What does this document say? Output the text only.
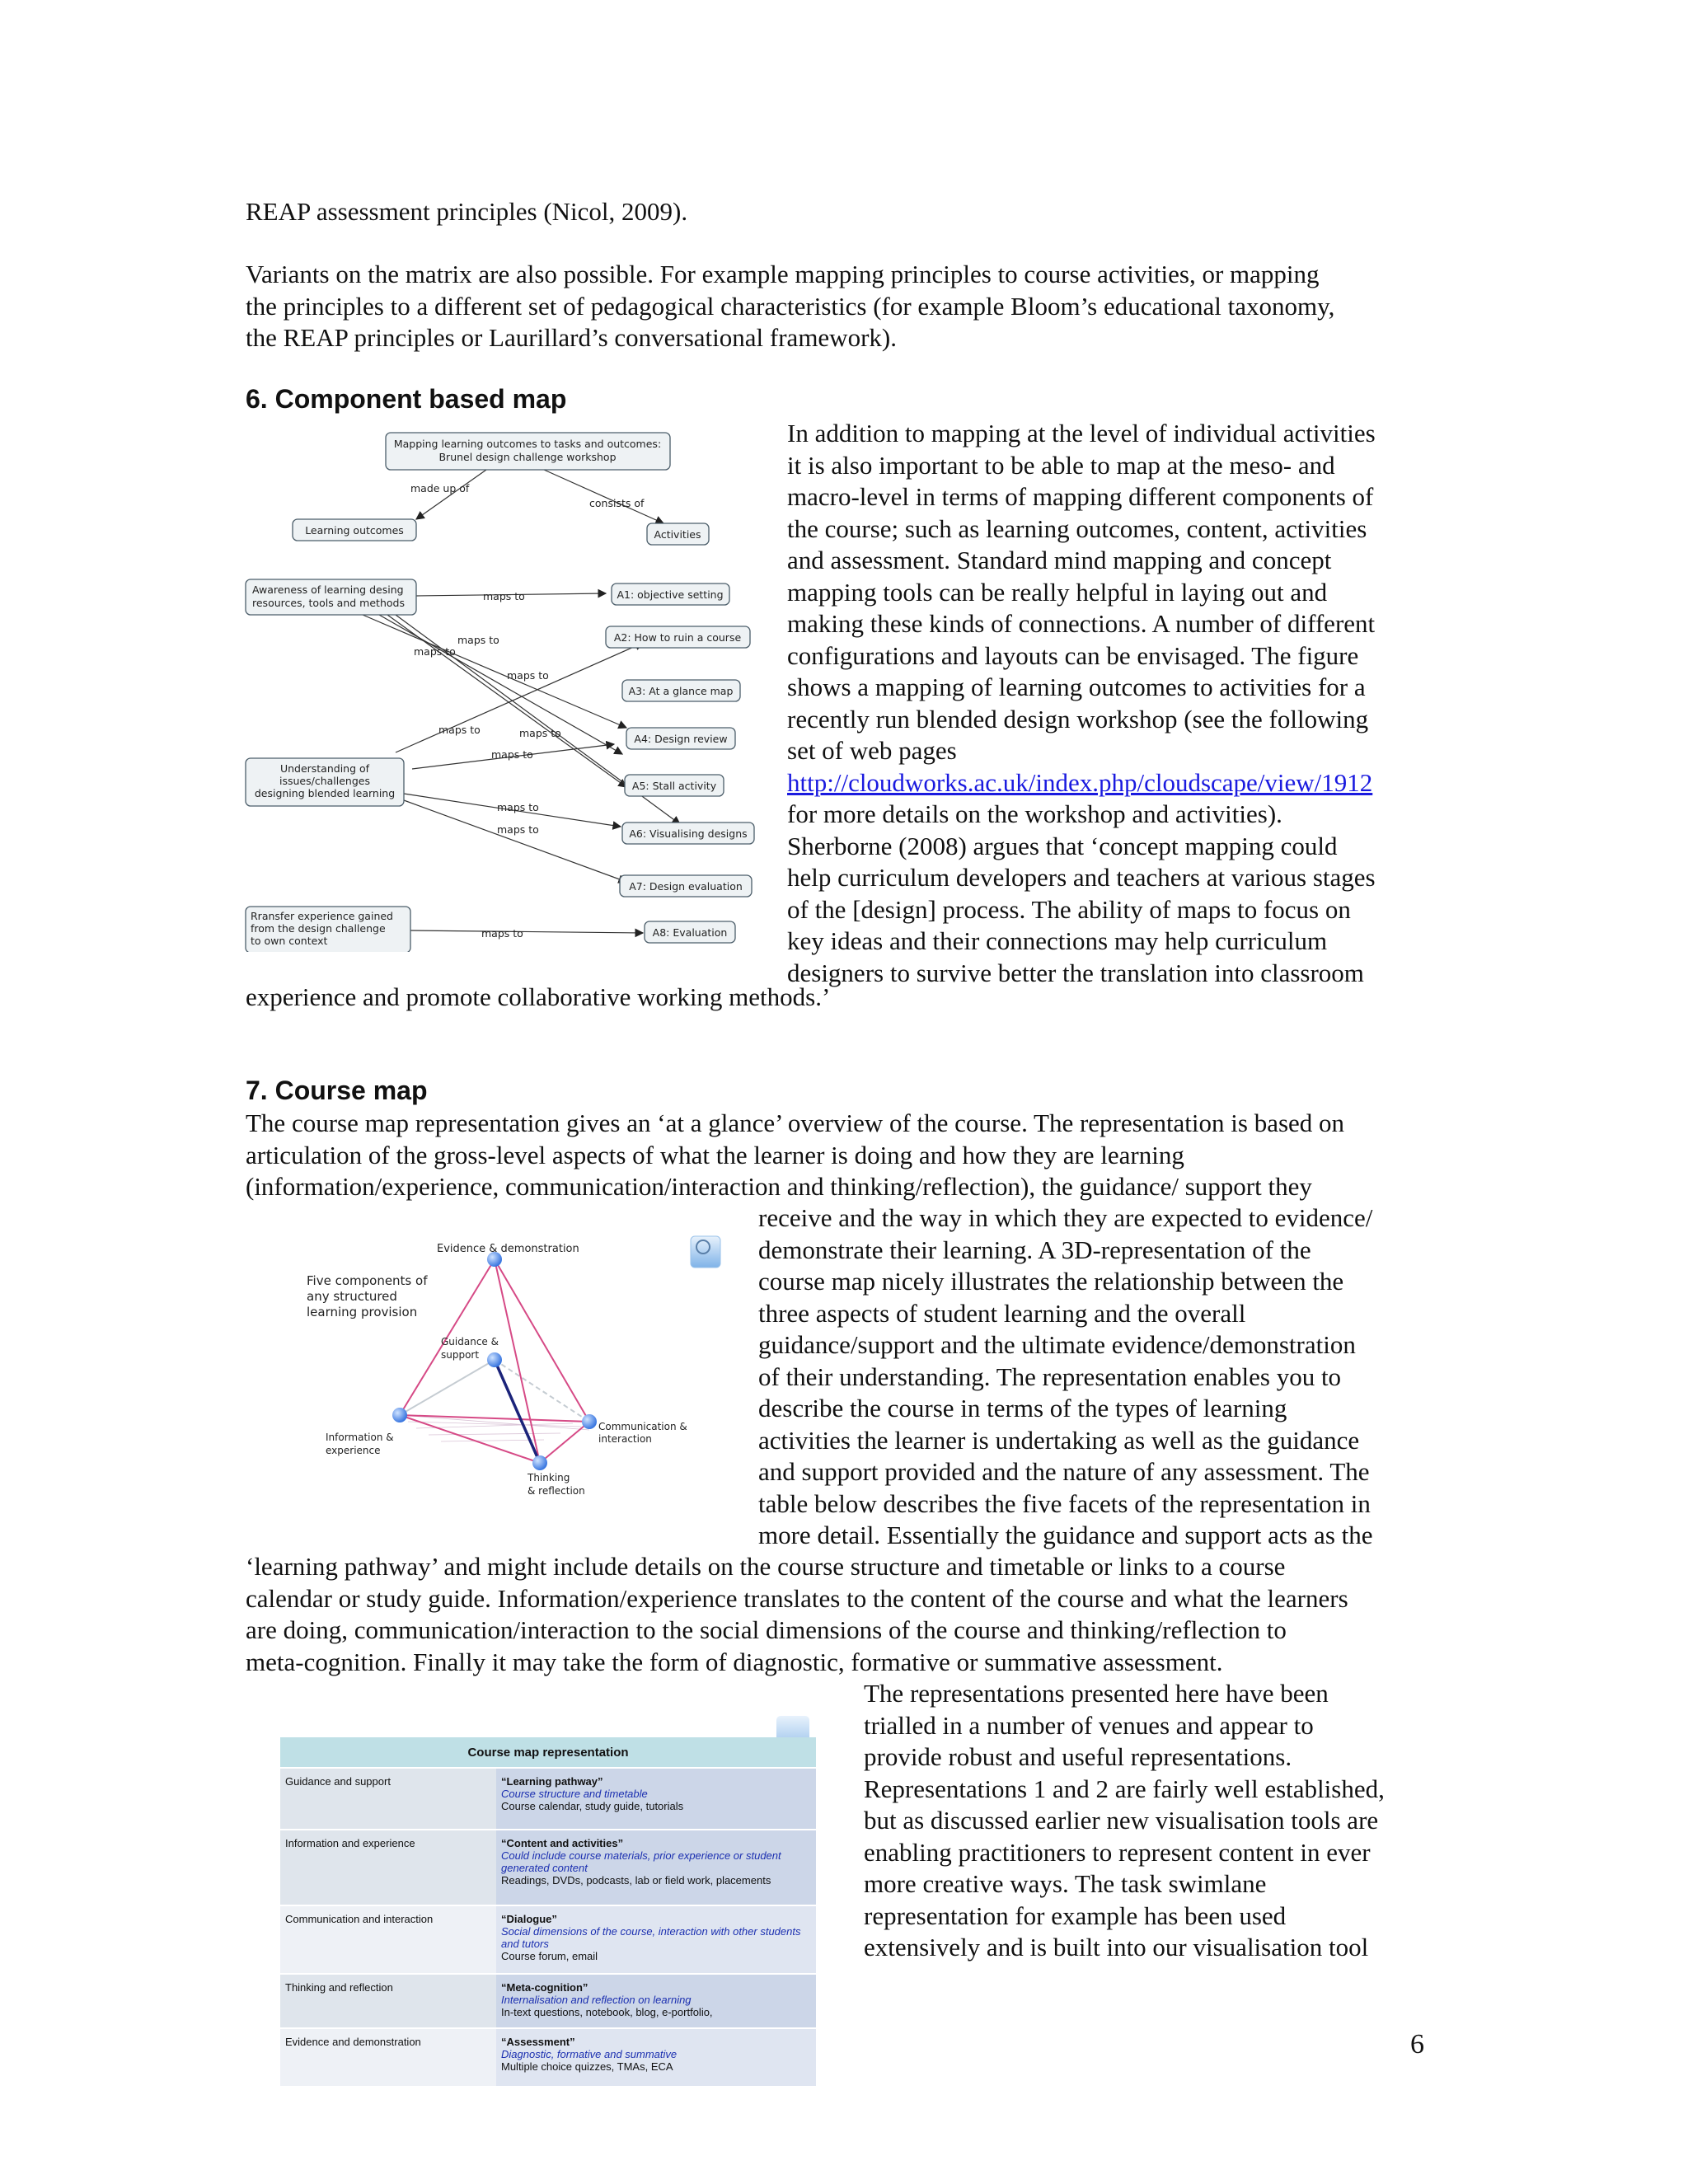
REAP assessment principles (Nicol, 2009).
Variants on the matrix are also possible. For example mapping principles to course activities, or mapping
the principles to a different set of pedagogical characteristics (for example Bloom’s educational taxonomy,
the REAP principles or Laurillard’s conversational framework).
6. Component based map
Mapping learning outcomes to tasks and outcomes:
Brunel design challenge workshop
made up of
consists of
Learning outcomes	Activities
Awareness of learning desing
resources, tools and methods
Understanding of
issues/challenges
designing blended learning
Rransfer experience gained
from the design challenge
to own context
A1: objective setting
A2: How to ruin a course
A3: At a glance map
A4: Design review
A5: Stall activity
A6: Visualising designs
A7: Design evaluation
A8: Evaluation
maps to
maps to
maps to
maps to
maps to	maps to
maps to
maps to
maps to
maps to
In addition to mapping at the level of individual activities
it is also important to be able to map at the meso- and
macro-level in terms of mapping different components of
the course; such as learning outcomes, content, activities
and assessment. Standard mind mapping and concept
mapping tools can be really helpful in laying out and
making these kinds of connections. A number of different
configurations and layouts can be envisaged. The figure
shows a mapping of learning outcomes to activities for a
recently run blended design workshop (see the following
set of web pages
http://cloudworks.ac.uk/index.php/cloudscape/view/1912
for more details on the workshop and activities).
Sherborne (2008) argues that ‘concept mapping could
help curriculum developers and teachers at various stages
of the [design] process. The ability of maps to focus on
key ideas and their connections may help curriculum
designers to survive better the translation into classroom
experience and promote collaborative working methods.’
7. Course map
The course map representation gives an ‘at a glance’ overview of the course. The representation is based on
articulation of the gross-level aspects of what the learner is doing and how they are learning
(information/experience, communication/interaction and thinking/reflection), the guidance/ support they
Evidence & demonstration
Five components of
any structured
learning provision
Guidance &
support
Communication &
interaction
Information &
experience
Thinking
& reflection
receive and the way in which they are expected to evidence/
demonstrate their learning. A 3D-representation of the
course map nicely illustrates the relationship between the
three aspects of student learning and the overall
guidance/support and the ultimate evidence/demonstration
of their understanding. The representation enables you to
describe the course in terms of the types of learning
activities the learner is undertaking as well as the guidance
and support provided and the nature of any assessment. The
table below describes the five facets of the representation in
more detail. Essentially the guidance and support acts as the
‘learning pathway’ and might include details on the course structure and timetable or links to a course
calendar or study guide. Information/experience translates to the content of the course and what the learners
are doing, communication/interaction to the social dimensions of the course and thinking/reflection to
meta-cognition. Finally it may take the form of diagnostic, formative or summative assessment.
Course map representation	
Guidance and support	“Learning pathway”
Course structure and timetable
Course calendar, study guide, tutorials

Information and experience	“Content and activities”
Could include course materials, prior experience or student generated content
Readings, DVDs, podcasts, lab or field work, placements

Communication and interaction	“Dialogue”
Social dimensions of the course, interaction with other students and tutors
Course forum, email

Thinking and reflection	“Meta-cognition”
Internalisation and reflection on learning
In-text questions, notebook, blog, e-portfolio,

Evidence and demonstration	“Assessment”
Diagnostic, formative and summative
Multiple choice quizzes, TMAs, ECA
The representations presented here have been
trialled in a number of venues and appear to
provide robust and useful representations.
Representations 1 and 2 are fairly well established,
but as discussed earlier new visualisation tools are
enabling practitioners to represent content in ever
more creative ways. The task swimlane
representation for example has been used
extensively and is built into our visualisation tool
6
